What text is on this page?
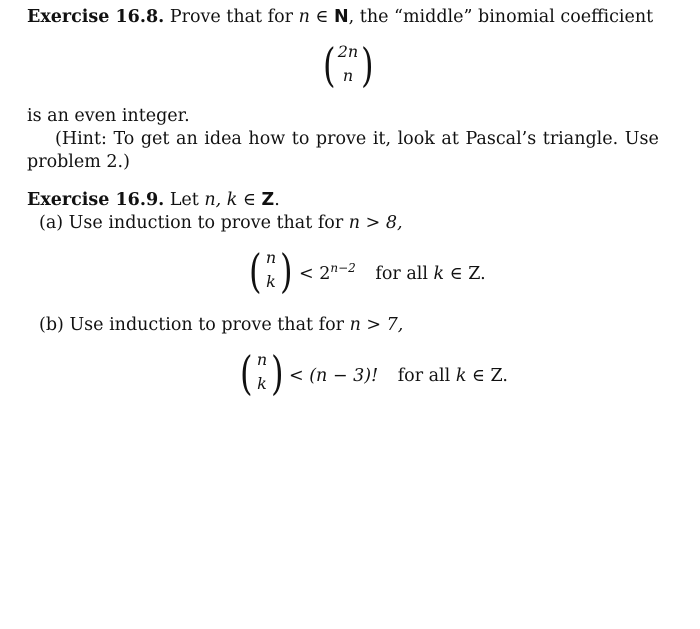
Exercise 16.8. Prove that for n ∈ N, the “middle” binomial coefficient
( 2n
n )
is an even integer.
(Hint: To get an idea how to prove it, look at Pascal’s triangle. Use
problem 2.)
Exercise 16.9. Let n, k ∈ Z.
(a) Use induction to prove that for n > 8,
( n
k ) < $2^{n-2}$ for all k ∈ Z.
(b) Use induction to prove that for n > 7,
( n
k ) < (n − 3)! for all k ∈ Z.
